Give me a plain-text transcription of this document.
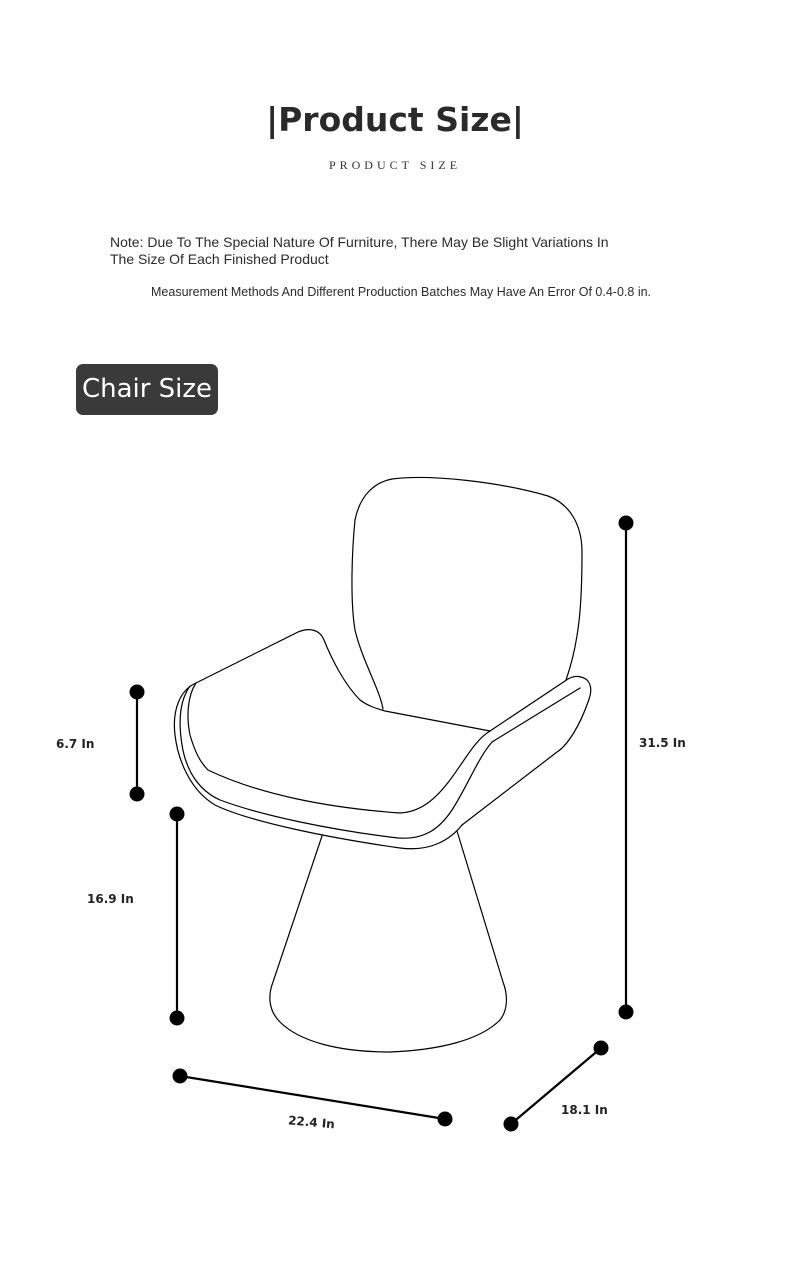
|Product Size|
PRODUCT SIZE
Note: Due To The Special Nature Of Furniture, There May Be Slight Variations In
The Size Of Each Finished Product
Measurement Methods And Different Production Batches May Have An Error Of 0.4-0.8 in.
Chair Size
6.7 In
16.9 In
31.5 In
22.4 In
18.1 In
